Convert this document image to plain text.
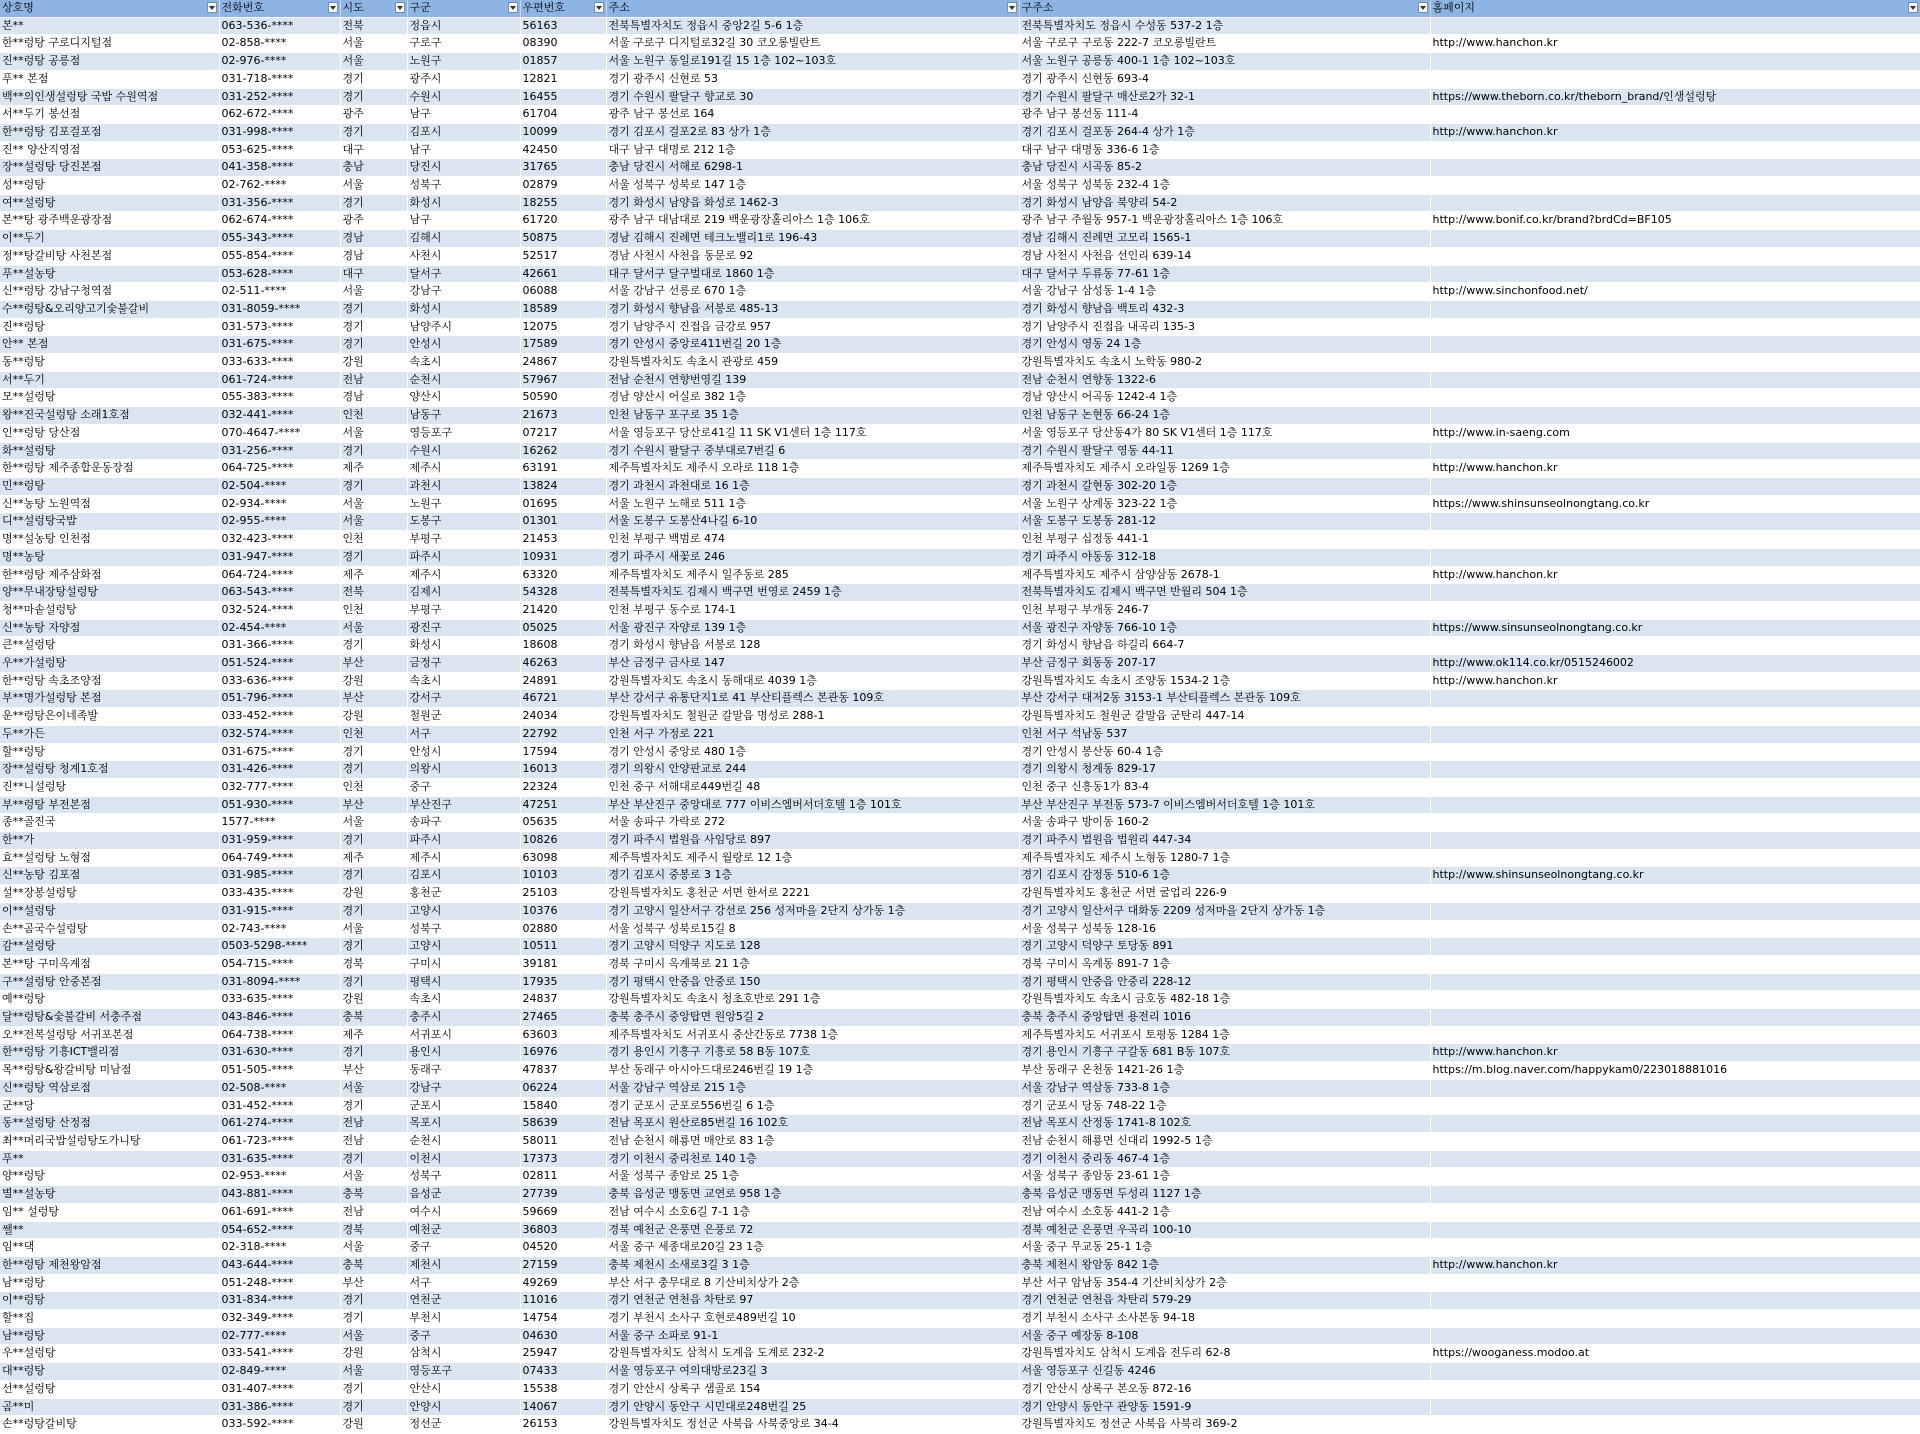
상호명	전화번호	시도	구군	우편번호	주소	구주소	홈페이지

본**	063-536-****	전북	정읍시	56163	전북특별자치도 정읍시 중앙2길 5-6 1층	전북특별자치도 정읍시 수성동 537-2 1층	
한**렁탕 구로디지털점	02-858-****	서울	구로구	08390	서울 구로구 디지털로32길 30 코오롱빌란트	서울 구로구 구로동 222-7 코오롱빌란트	http://www.hanchon.kr
진**렁탕 공릉점	02-976-****	서울	노원구	01857	서울 노원구 동일로191길 15 1층 102~103호	서울 노원구 공릉동 400-1 1층 102~103호	
푸** 본점	031-718-****	경기	광주시	12821	경기 광주시 신현로 53	경기 광주시 신현동 693-4	
백**의인생설렁탕 국밥 수원역점	031-252-****	경기	수원시	16455	경기 수원시 팔달구 향교로 30	경기 수원시 팔달구 매산로2가 32-1	https://www.theborn.co.kr/theborn_brand/인생설렁탕
서**두기 봉선점	062-672-****	광주	남구	61704	광주 남구 봉선로 164	광주 남구 봉선동 111-4	
한**렁탕 김포걸포점	031-998-****	경기	김포시	10099	경기 김포시 걸포2로 83 상가 1층	경기 김포시 걸포동 264-4 상가 1층	http://www.hanchon.kr
진** 양산직영점	053-625-****	대구	남구	42450	대구 남구 대명로 212 1층	대구 남구 대명동 336-6 1층	
장**설렁탕 당진본점	041-358-****	충남	당진시	31765	충남 당진시 서해로 6298-1	충남 당진시 시곡동 85-2	
성**렁탕	02-762-****	서울	성북구	02879	서울 성북구 성북로 147 1층	서울 성북구 성북동 232-4 1층	
여**설렁탕	031-356-****	경기	화성시	18255	경기 화성시 남양읍 화성로 1462-3	경기 화성시 남양읍 북양리 54-2	
본**탕 광주백운광장점	062-674-****	광주	남구	61720	광주 남구 대남대로 219 백운광장홀리아스 1층 106호	광주 남구 주월동 957-1 백운광장홀리아스 1층 106호	http://www.bonif.co.kr/brand?brdCd=BF105
이**두기	055-343-****	경남	김해시	50875	경남 김해시 진례면 테크노밸리1로 196-43	경남 김해시 진례면 고모리 1565-1	
정**탕갈비탕 사천본점	055-854-****	경남	사천시	52517	경남 사천시 사천읍 동문로 92	경남 사천시 사천읍 선인리 639-14	
푸**설농탕	053-628-****	대구	달서구	42661	대구 달서구 달구벌대로 1860 1층	대구 달서구 두류동 77-61 1층	
신**렁탕 강남구청역점	02-511-****	서울	강남구	06088	서울 강남구 선릉로 670 1층	서울 강남구 삼성동 1-4 1층	http://www.sinchonfood.net/
수**렁탕&오리양고기숯불갈비	031-8059-****	경기	화성시	18589	경기 화성시 향남읍 서봉로 485-13	경기 화성시 향남읍 백토리 432-3	
진**렁탕	031-573-****	경기	남양주시	12075	경기 남양주시 진접읍 금강로 957	경기 남양주시 진접읍 내곡리 135-3	
안** 본점	031-675-****	경기	안성시	17589	경기 안성시 중앙로411번길 20 1층	경기 안성시 영동 24 1층	
동**렁탕	033-633-****	강원	속초시	24867	강원특별자치도 속초시 관광로 459	강원특별자치도 속초시 노학동 980-2	
서**두기	061-724-****	전남	순천시	57967	전남 순천시 연향번영길 139	전남 순천시 연향동 1322-6	
모**설렁탕	055-383-****	경남	양산시	50590	경남 양산시 어실로 382 1층	경남 양산시 어곡동 1242-4 1층	
왕**진국설렁탕 소래1호점	032-441-****	인천	남동구	21673	인천 남동구 포구로 35 1층	인천 남동구 논현동 66-24 1층	
인**렁탕 당산점	070-4647-****	서울	영등포구	07217	서울 영등포구 당산로41길 11 SK V1센터 1층 117호	서울 영등포구 당산동4가 80 SK V1센터 1층 117호	http://www.in-saeng.com
화**설렁탕	031-256-****	경기	수원시	16262	경기 수원시 팔달구 중부대로7번길 6	경기 수원시 팔달구 영동 44-11	
한**렁탕 제주종합운동장점	064-725-****	제주	제주시	63191	제주특별자치도 제주시 오라로 118 1층	제주특별자치도 제주시 오라일동 1269 1층	http://www.hanchon.kr
민**렁탕	02-504-****	경기	과천시	13824	경기 과천시 과천대로 16 1층	경기 과천시 갈현동 302-20 1층	
신**농탕 노원역점	02-934-****	서울	노원구	01695	서울 노원구 노해로 511 1층	서울 노원구 상계동 323-22 1층	https://www.shinsunseolnongtang.co.kr
디**설렁탕국밥	02-955-****	서울	도봉구	01301	서울 도봉구 도봉산4나길 6-10	서울 도봉구 도봉동 281-12	
명**설농탕 인천점	032-423-****	인천	부평구	21453	인천 부평구 백범로 474	인천 부평구 십정동 441-1	
명**농탕	031-947-****	경기	파주시	10931	경기 파주시 새꽃로 246	경기 파주시 야동동 312-18	
한**렁탕 제주삼화점	064-724-****	제주	제주시	63320	제주특별자치도 제주시 일주동로 285	제주특별자치도 제주시 삼양삼동 2678-1	http://www.hanchon.kr
양**무내장탕설렁탕	063-543-****	전북	김제시	54328	전북특별자치도 김제시 백구면 번영로 2459 1층	전북특별자치도 김제시 백구면 반월리 504 1층	
청**마솥설렁탕	032-524-****	인천	부평구	21420	인천 부평구 동수로 174-1	인천 부평구 부개동 246-7	
신**농탕 자양점	02-454-****	서울	광진구	05025	서울 광진구 자양로 139 1층	서울 광진구 자양동 766-10 1층	https://www.sinsunseolnongtang.co.kr
큰**설렁탕	031-366-****	경기	화성시	18608	경기 화성시 향남읍 서봉로 128	경기 화성시 향남읍 하길리 664-7	
우**가설렁탕	051-524-****	부산	금정구	46263	부산 금정구 금사로 147	부산 금정구 회동동 207-17	http://www.ok114.co.kr/0515246002
한**렁탕 속초조양점	033-636-****	강원	속초시	24891	강원특별자치도 속초시 동해대로 4039 1층	강원특별자치도 속초시 조양동 1534-2 1층	http://www.hanchon.kr
부**명가설렁탕 본점	051-796-****	부산	강서구	46721	부산 강서구 유통단지1로 41 부산티플렉스 본관동 109호	부산 강서구 대저2동 3153-1 부산티플렉스 본관동 109호	
운**렁탕은이네족발	033-452-****	강원	철원군	24034	강원특별자치도 철원군 갈말읍 명성로 288-1	강원특별자치도 철원군 갈말읍 군탄리 447-14	
두**가든	032-574-****	인천	서구	22792	인천 서구 가정로 221	인천 서구 석남동 537	
할**렁탕	031-675-****	경기	안성시	17594	경기 안성시 중앙로 480 1층	경기 안성시 봉산동 60-4 1층	
장**설렁탕 청계1호점	031-426-****	경기	의왕시	16013	경기 의왕시 안양판교로 244	경기 의왕시 청계동 829-17	
진**니설렁탕	032-777-****	인천	중구	22324	인천 중구 서해대로449번길 48	인천 중구 신흥동1가 83-4	
부**렁탕 부전본점	051-930-****	부산	부산진구	47251	부산 부산진구 중앙대로 777 이비스엠버서더호텔 1층 101호	부산 부산진구 부전동 573-7 이비스엠버서더호텔 1층 101호	
종**골진국	1577-****	서울	송파구	05635	서울 송파구 가락로 272	서울 송파구 방이동 160-2	
한**가	031-959-****	경기	파주시	10826	경기 파주시 법원읍 사임당로 897	경기 파주시 법원읍 법원리 447-34	
효**설렁탕 노형점	064-749-****	제주	제주시	63098	제주특별자치도 제주시 월랑로 12 1층	제주특별자치도 제주시 노형동 1280-7 1층	
신**농탕 김포점	031-985-****	경기	김포시	10103	경기 김포시 중봉로 3 1층	경기 김포시 감정동 510-6 1층	http://www.shinsunseolnongtang.co.kr
설**장봉설렁탕	033-435-****	강원	홍천군	25103	강원특별자치도 홍천군 서면 한서로 2221	강원특별자치도 홍천군 서면 굴업리 226-9	
이**설렁탕	031-915-****	경기	고양시	10376	경기 고양시 일산서구 강선로 256 성저마을 2단지 상가동 1층	경기 고양시 일산서구 대화동 2209 성저마을 2단지 상가동 1층	
손**곰국수설렁탕	02-743-****	서울	성북구	02880	서울 성북구 성북로15길 8	서울 성북구 성북동 128-16	
감**설렁탕	0503-5298-****	경기	고양시	10511	경기 고양시 덕양구 지도로 128	경기 고양시 덕양구 토당동 891	
본**탕 구미옥계점	054-715-****	경북	구미시	39181	경북 구미시 옥계북로 21 1층	경북 구미시 옥계동 891-7 1층	
구**설렁탕 안중본점	031-8094-****	경기	평택시	17935	경기 평택시 안중읍 안중로 150	경기 평택시 안중읍 안중리 228-12	
예**렁탕	033-635-****	강원	속초시	24837	강원특별자치도 속초시 청초호반로 291 1층	강원특별자치도 속초시 금호동 482-18 1층	
달**렁탕&숯불갈비 서충주점	043-846-****	충북	충주시	27465	충북 충주시 중앙탑면 원앙5길 2	충북 충주시 중앙탑면 용전리 1016	
오**전복설렁탕 서귀포본점	064-738-****	제주	서귀포시	63603	제주특별자치도 서귀포시 중산간동로 7738 1층	제주특별자치도 서귀포시 토평동 1284 1층	
한**렁탕 기흥ICT밸리점	031-630-****	경기	용인시	16976	경기 용인시 기흥구 기흥로 58 B동 107호	경기 용인시 기흥구 구갈동 681 B동 107호	http://www.hanchon.kr
목**렁탕&왕갈비탕 미남점	051-505-****	부산	동래구	47837	부산 동래구 아시아드대로246번길 19 1층	부산 동래구 온천동 1421-26 1층	https://m.blog.naver.com/happykam0/223018881016
신**렁탕 역삼로점	02-508-****	서울	강남구	06224	서울 강남구 역삼로 215 1층	서울 강남구 역삼동 733-8 1층	
군**당	031-452-****	경기	군포시	15840	경기 군포시 군포로556번길 6 1층	경기 군포시 당동 748-22 1층	
동**설렁탕 산정점	061-274-****	전남	목포시	58639	전남 목포시 원산로85번길 16 102호	전남 목포시 산정동 1741-8 102호	
최**머리국밥설렁탕도가니탕	061-723-****	전남	순천시	58011	전남 순천시 해룡면 매안로 83 1층	전남 순천시 해룡면 신대리 1992-5 1층	
푸**	031-635-****	경기	이천시	17373	경기 이천시 중리천로 140 1층	경기 이천시 중리동 467-4 1층	
양**렁탕	02-953-****	서울	성북구	02811	서울 성북구 종암로 25 1층	서울 성북구 종암동 23-61 1층	
별**설농탕	043-881-****	충북	음성군	27739	충북 음성군 맹동면 교연로 958 1층	충북 음성군 맹동면 두성리 1127 1층	
임** 설렁탕	061-691-****	전남	여수시	59669	전남 여수시 소호6길 7-1 1층	전남 여수시 소호동 441-2 1층	
쌜**	054-652-****	경북	예천군	36803	경북 예천군 은풍면 은풍로 72	경북 예천군 은풍면 우곡리 100-10	
임**댁	02-318-****	서울	중구	04520	서울 중구 세종대로20길 23 1층	서울 중구 무교동 25-1 1층	
한**렁탕 제천왕암점	043-644-****	충북	제천시	27159	충북 제천시 소새로3길 3 1층	충북 제천시 왕암동 842 1층	http://www.hanchon.kr
남**렁탕	051-248-****	부산	서구	49269	부산 서구 충무대로 8 기산비치상가 2층	부산 서구 암남동 354-4 기산비치상가 2층	
이**렁탕	031-834-****	경기	연천군	11016	경기 연천군 연천읍 차탄로 97	경기 연천군 연천읍 차탄리 579-29	
할**집	032-349-****	경기	부천시	14754	경기 부천시 소사구 호현로489번길 10	경기 부천시 소사구 소사본동 94-18	
남**렁탕	02-777-****	서울	중구	04630	서울 중구 소파로 91-1	서울 중구 예장동 8-108	
우**설렁탕	033-541-****	강원	삼척시	25947	강원특별자치도 삼척시 도계읍 도계로 232-2	강원특별자치도 삼척시 도계읍 전두리 62-8	https://wooganess.modoo.at
대**렁탕	02-849-****	서울	영등포구	07433	서울 영등포구 여의대방로23길 3	서울 영등포구 신길동 4246	
선**설렁탕	031-407-****	경기	안산시	15538	경기 안산시 상록구 샘골로 154	경기 안산시 상록구 본오동 872-16	
곰**미	031-386-****	경기	안양시	14067	경기 안양시 동안구 시민대로248번길 25	경기 안양시 동안구 관양동 1591-9	
손**렁탕갈비탕	033-592-****	강원	정선군	26153	강원특별자치도 정선군 사북읍 사북중앙로 34-4	강원특별자치도 정선군 사북읍 사북리 369-2	
